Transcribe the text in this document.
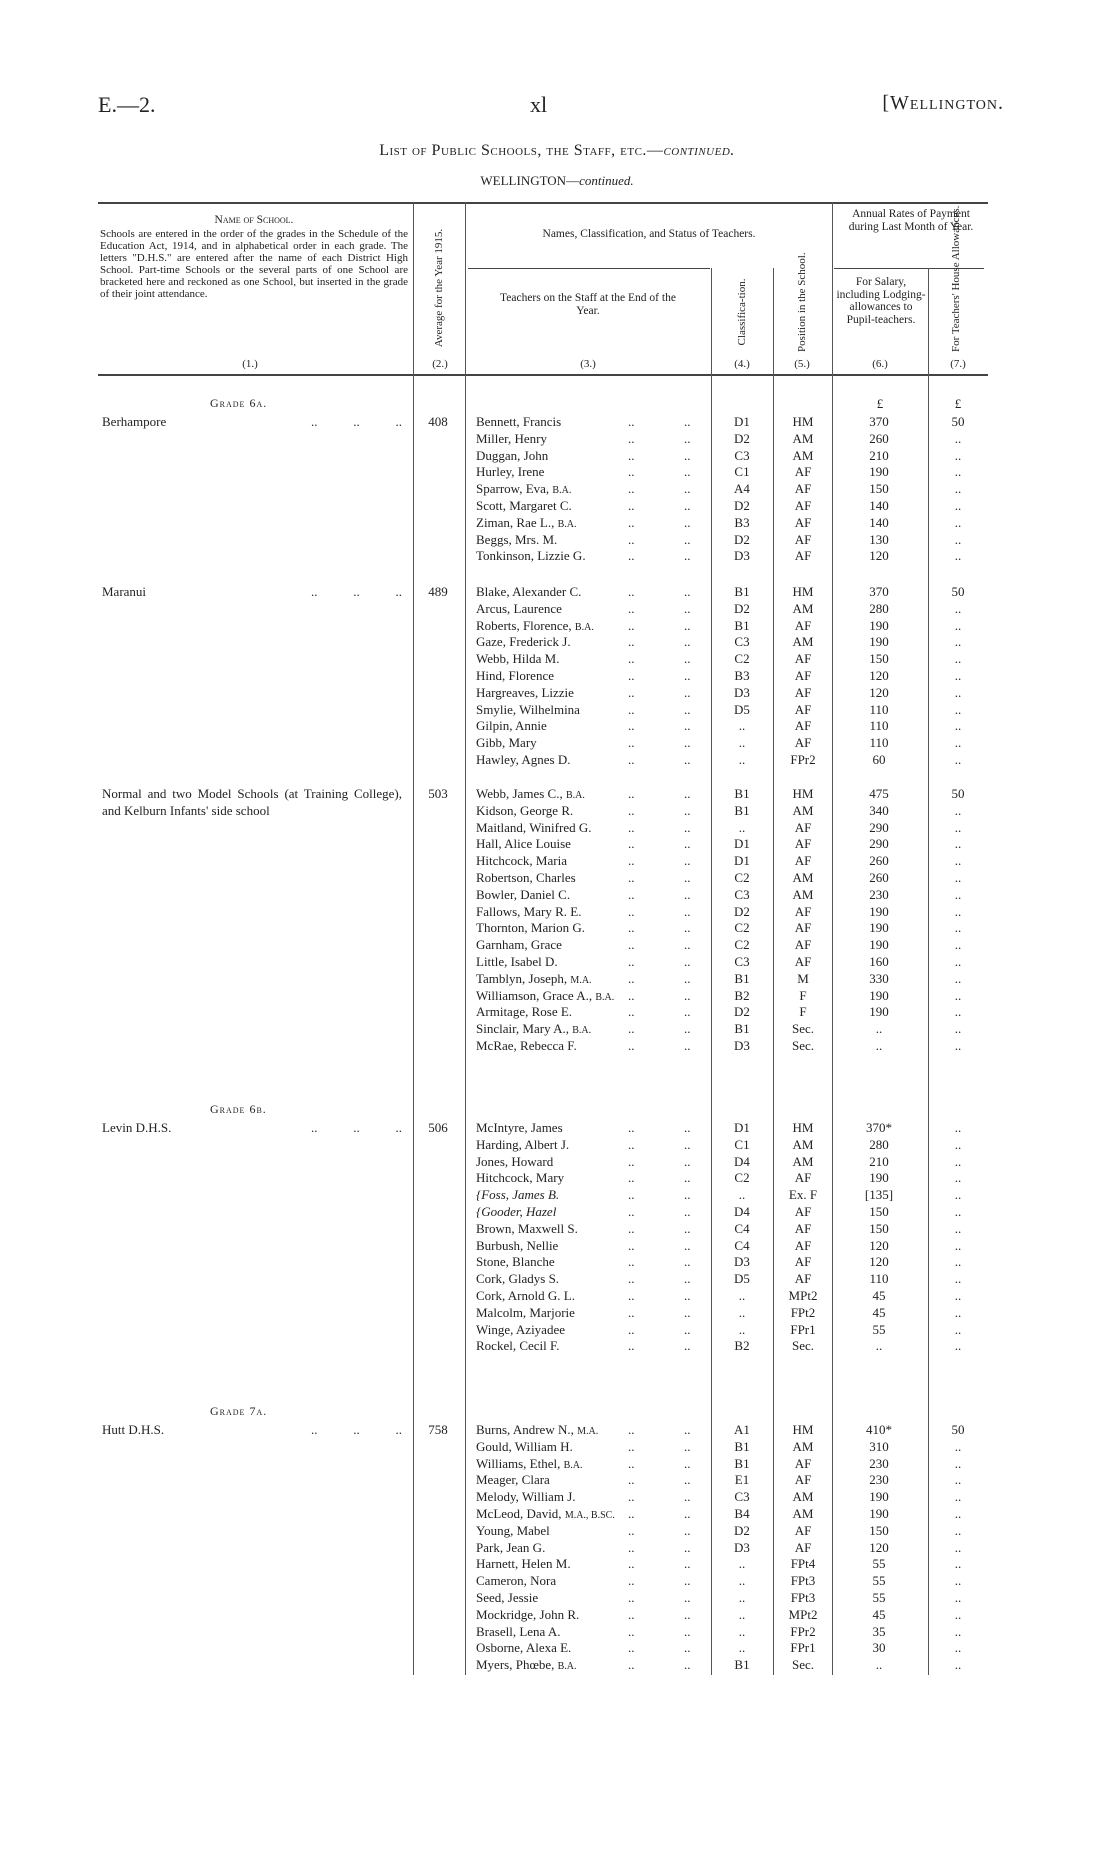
E.—2.	xl	[Wellington.
List of Public Schools, the Staff, etc.—continued.
WELLINGTON—continued.
Name of School.
Schools are entered in the order of the grades in the Schedule of the Education Act, 1914, and in alphabetical order in each grade. The letters "D.H.S." are entered after the name of each District High School. Part-time Schools or the several parts of one School are bracketed here and reckoned as one School, but inserted in the grade of their joint attendance.	Average for the Year 1915.	Names, Classification, and Status of Teachers.
Teachers on the Staff at the End of the Year.	Classifica-tion.	Position in the School.
Annual Rates of Payment during Last Month of Year.
For Salary, including Lodging-allowances to Pupil-teachers.	For Teachers' House Allowances.
(1.)	(2.)	(3.)	(4.)	(5.)	(6.)	(7.)
£	£
Grade 6a.
Berhampore	..           ..           ..	408	Bennett, Francis	..	..	D1	HM	370	50
Miller, Henry	..	..	D2	AM	260	..
Duggan, John	..	..	C3	AM	210	..
Hurley, Irene	..	..	C1	AF	190	..
Sparrow, Eva, B.A.	..	..	A4	AF	150	..
Scott, Margaret C.	..	..	D2	AF	140	..
Ziman, Rae L., B.A.	..	..	B3	AF	140	..
Beggs, Mrs. M.	..	..	D2	AF	130	..
Tonkinson, Lizzie G.	..	..	D3	AF	120	..
Maranui	..           ..           ..	489	Blake, Alexander C.	..	..	B1	HM	370	50
Arcus, Laurence	..	..	D2	AM	280	..
Roberts, Florence, B.A.	..	..	B1	AF	190	..
Gaze, Frederick J.	..	..	C3	AM	190	..
Webb, Hilda M.	..	..	C2	AF	150	..
Hind, Florence	..	..	B3	AF	120	..
Hargreaves, Lizzie	..	..	D3	AF	120	..
Smylie, Wilhelmina	..	..	D5	AF	110	..
Gilpin, Annie	..	..	..	AF	110	..
Gibb, Mary	..	..	..	AF	110	..
Hawley, Agnes D.	..	..	..	FPr2	60	..
Normal and two Model Schools (at Training College), and Kelburn Infants' side school
503	Webb, James C., B.A.	..	..	B1	HM	475	50
Kidson, George R.	..	..	B1	AM	340	..
Maitland, Winifred G.	..	..	..	AF	290	..
Hall, Alice Louise	..	..	D1	AF	290	..
Hitchcock, Maria	..	..	D1	AF	260	..
Robertson, Charles	..	..	C2	AM	260	..
Bowler, Daniel C.	..	..	C3	AM	230	..
Fallows, Mary R. E.	..	..	D2	AF	190	..
Thornton, Marion G.	..	..	C2	AF	190	..
Garnham, Grace	..	..	C2	AF	190	..
Little, Isabel D.	..	..	C3	AF	160	..
Tamblyn, Joseph, M.A.	..	..	B1	M	330	..
Williamson, Grace A., B.A. ..	..	B2	F	190	..
Armitage, Rose E.	..	..	D2	F	190	..
Sinclair, Mary A., B.A.	..	..	B1	Sec.	..	..
McRae, Rebecca F.	..	..	D3	Sec.	..	..
Grade 6b.
Levin D.H.S.	..           ..           ..	506	McIntyre, James	..	..	D1	HM	370*	..
Harding, Albert J.	..	..	C1	AM	280	..
Jones, Howard	..	..	D4	AM	210	..
Hitchcock, Mary	..	..	C2	AF	190	..
{Foss, James B.	..	..	..	Ex. F	[135]	..
{Gooder, Hazel	..	..	D4	AF	150	..
Brown, Maxwell S.	..	..	C4	AF	150	..
Burbush, Nellie	..	..	C4	AF	120	..
Stone, Blanche	..	..	D3	AF	120	..
Cork, Gladys S.	..	..	D5	AF	110	..
Cork, Arnold G. L.	..	..	..	MPt2	45	..
Malcolm, Marjorie	..	..	..	FPt2	45	..
Winge, Aziyadee	..	..	..	FPr1	55	..
Rockel, Cecil F.	..	..	B2	Sec.	..	..
Grade 7a.
Hutt D.H.S.	..           ..           ..	758	Burns, Andrew N., M.A. ..	..	A1	HM	410*	50
Gould, William H.	..	..	B1	AM	310	..
Williams, Ethel, B.A.	..	..	B1	AF	230	..
Meager, Clara	..	..	E1	AF	230	..
Melody, William J.	..	..	C3	AM	190	..
McLeod, David, M.A., B.SC. ..	..	B4	AM	190	..
Young, Mabel	..	..	D2	AF	150	..
Park, Jean G.	..	..	D3	AF	120	..
Harnett, Helen M.	..	..	..	FPt4	55	..
Cameron, Nora	..	..	..	FPt3	55	..
Seed, Jessie	..	..	..	FPt3	55	..
Mockridge, John R.	..	..	..	MPt2	45	..
Brasell, Lena A.	..	..	..	FPr2	35	..
Osborne, Alexa E.	..	..	..	FPr1	30	..
Myers, Phœbe, B.A.	..	..	B1	Sec.	..	..
